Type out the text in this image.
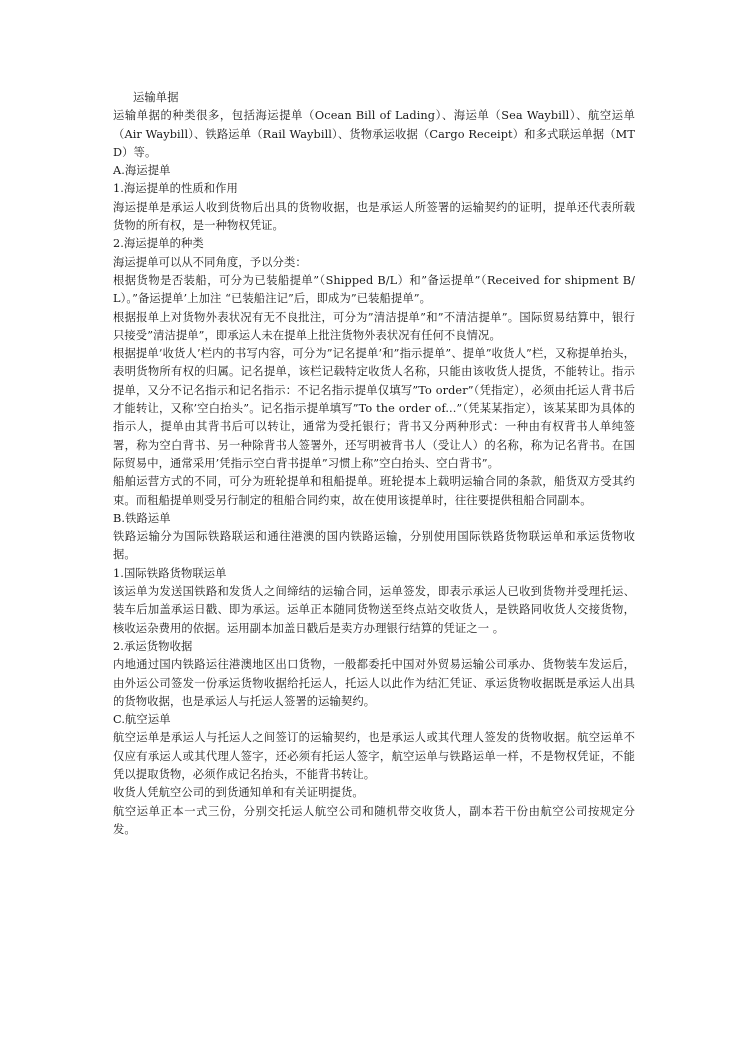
运输单据

运输单据的种类很多，包括海运提单（Ocean Bill of Lading）、海运单（Sea Waybill）、航空运单（Air Waybill）、铁路运单（Rail Waybill）、货物承运收据（Cargo Receipt）和多式联运单据（MTD）等。

A.海运提单

1.海运提单的性质和作用

海运提单是承运人收到货物后出具的货物收据，也是承运人所签署的运输契约的证明，提单还代表所载货物的所有权，是一种物权凭证。

2.海运提单的种类

海运提单可以从不同角度，予以分类：

根据货物是否装船，可分为已装船提单”（Shipped B/L）和”备运提单”（Received for shipment B/L）。”备运提单’上加注 “已装船注记”后，即成为”已装船提单”。

根据报单上对货物外表状况有无不良批注，可分为”清洁提单”和”不清洁提单”。国际贸易结算中，银行只接受”清洁提单”，即承运人未在提单上批注货物外表状况有任何不良情况。

根据提单’收货人’栏内的书写内容，可分为”记名提单’和”指示提单”、提单”收货人”栏，又称提单抬头，表明货物所有权的归属。记名提单，该栏记载特定收货人名称，只能由该收货人提货，不能转让。指示提单，又分不记名指示和记名指示：不记名指示提单仅填写”To order”（凭指定），必须由托运人背书后才能转让，又称’空白抬头”。记名指示提单填写”To the order of...”（凭某某指定），该某某即为具体的指示人，提单由其背书后可以转让，通常为受托银行；背书又分两种形式：一种由有权背书人单纯签署，称为空白背书、另一种除背书人签署外，还写明被背书人（受让人）的名称，称为记名背书。在国际贸易中，通常采用’凭指示空白背书提单”习惯上称”空白抬头、空白背书”。

船舶运营方式的不同，可分为班轮提单和租船提单。班轮提本上载明运输合同的条款，船货双方受其约束。而租船提单则受另行制定的租船合同约束，故在使用该提单时，往往要提供租船合同副本。

B.铁路运单

铁路运输分为国际铁路联运和通往港澳的国内铁路运输，分别使用国际铁路货物联运单和承运货物收据。

1.国际铁路货物联运单

该运单为发送国铁路和发货人之间缔结的运输合同，运单签发，即表示承运人已收到货物并受理托运、装车后加盖承运日戳、即为承运。运单正本随同货物送至终点站交收货人，是铁路同收货人交接货物，核收运杂费用的依据。运用副本加盖日戳后是卖方办理银行结算的凭证之一 。

2.承运货物收据

内地通过国内铁路运往港澳地区出口货物，一般都委托中国对外贸易运输公司承办、货物装车发运后，由外运公司签发一份承运货物收据给托运人，托运人以此作为结汇凭证、承运货物收据既是承运人出具的货物收据，也是承运人与托运人签署的运输契约。

C.航空运单

航空运单是承运人与托运人之间签订的运输契约，也是承运人或其代理人签发的货物收据。航空运单不仅应有承运人或其代理人签字，还必须有托运人签字，航空运单与铁路运单一样，不是物权凭证，不能凭以提取货物，必须作成记名抬头，不能背书转让。

收货人凭航空公司的到货通知单和有关证明提货。

航空运单正本一式三份，分别交托运人航空公司和随机带交收货人，副本若干份由航空公司按规定分发。
